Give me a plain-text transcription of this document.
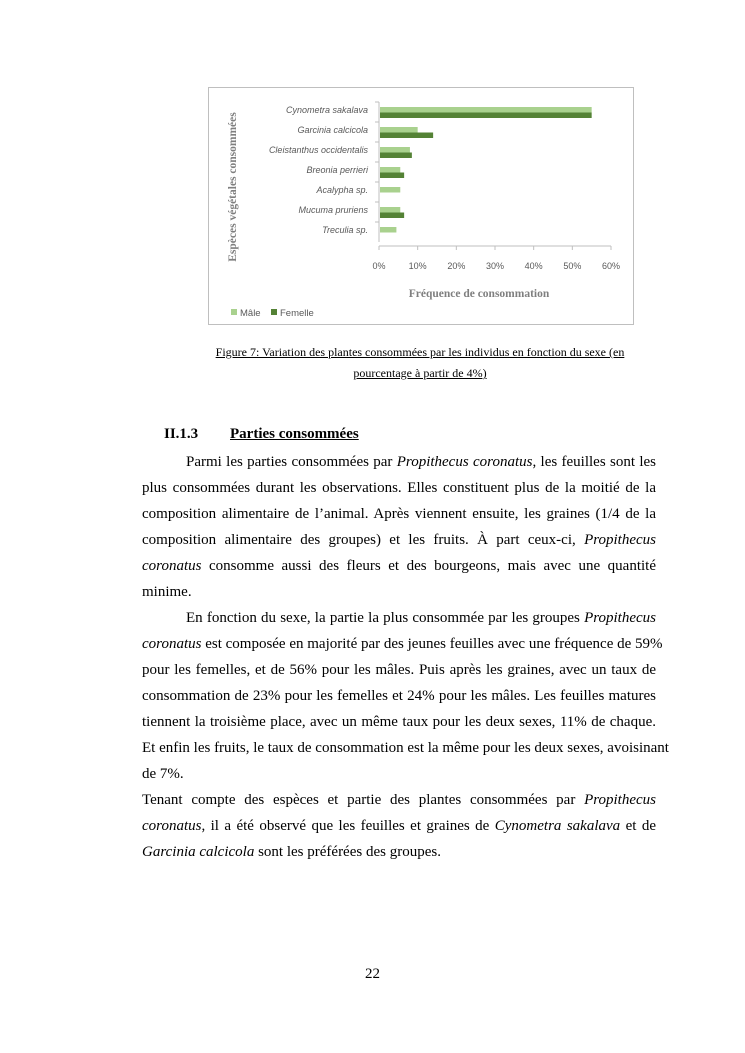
0%	10% 20% 30% 40% 50% 60%
Cynometra sakalava
Garcinia calcicola
Cleistanthus occidentalis
Breonia perrieri
Acalypha sp.
Mucuma pruriens
Treculia sp.
Espèces végétales consommées
Fréquence de consommation
Mâle Femelle
Figure 7: Variation des plantes consommées par les individus en fonction du sexe (en
pourcentage à partir de 4%)
II.1.3 Parties consommées
Parmi les parties consommées par Propithecus coronatus, les feuilles sont les
plus consommées durant les observations. Elles constituent plus de la moitié de la
composition alimentaire de l’animal. Après viennent ensuite, les graines (1/4 de la
composition alimentaire des groupes) et les fruits. À part ceux-ci, Propithecus
coronatus consomme aussi des fleurs et des bourgeons, mais avec une quantité
minime.
En fonction du sexe, la partie la plus consommée par les groupes Propithecus
coronatus est composée en majorité par des jeunes feuilles avec une fréquence de 59%
pour les femelles, et de 56% pour les mâles. Puis après les graines, avec un taux de
consommation de 23% pour les femelles et 24% pour les mâles. Les feuilles matures
tiennent la troisième place, avec un même taux pour les deux sexes, 11% de chaque.
Et enfin les fruits, le taux de consommation est la même pour les deux sexes, avoisinant
de 7%.
Tenant compte des espèces et partie des plantes consommées par Propithecus
coronatus, il a été observé que les feuilles et graines de Cynometra sakalava et de
Garcinia calcicola sont les préférées des groupes.
22
